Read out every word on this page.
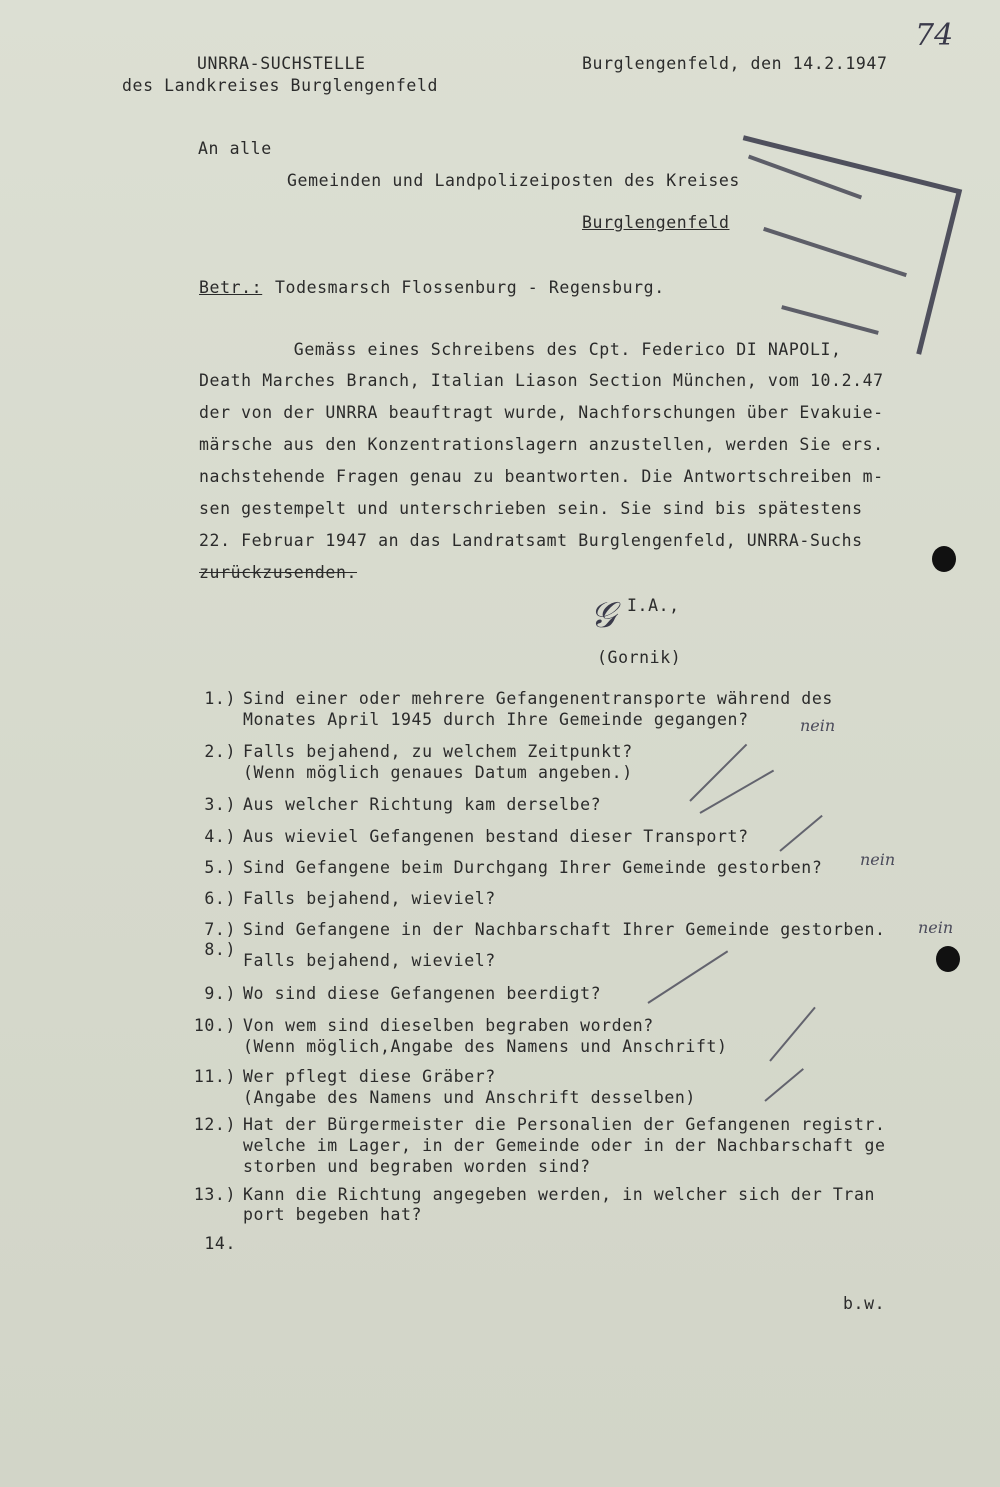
74
UNRRA-SUCHSTELLE
des Landkreises Burglengenfeld
Burglengenfeld, den 14.2.1947
An alle
Gemeinden und Landpolizeiposten des Kreises
Burglengenfeld
Betr.: Todesmarsch Flossenburg - Regensburg.
Gemäss eines Schreibens des Cpt. Federico DI NAPOLI,
Death Marches Branch, Italian Liason Section München, vom 10.2.47
der von der UNRRA beauftragt wurde, Nachforschungen über Evakuie-
märsche aus den Konzentrationslagern anzustellen, werden Sie ers.
nachstehende Fragen genau zu beantworten. Die Antwortschreiben m-
sen gestempelt und unterschrieben sein. Sie sind bis spätestens
22. Februar 1947 an das Landratsamt Burglengenfeld, UNRRA-Suchs
zurückzusenden.
𝒢 I.A.,
(Gornik)
1.) Sind einer oder mehrere Gefangenentransporte während des
Monates April 1945 durch Ihre Gemeinde gegangen?
2.) Falls bejahend, zu welchem Zeitpunkt?
(Wenn möglich genaues Datum angeben.)
3.) Aus welcher Richtung kam derselbe?
4.) Aus wieviel Gefangenen bestand dieser Transport?
5.) Sind Gefangene beim Durchgang Ihrer Gemeinde gestorben?
6.) Falls bejahend, wieviel?
7.) Sind Gefangene in der Nachbarschaft Ihrer Gemeinde gestorben.
8.)
Falls bejahend, wieviel?
9.) Wo sind diese Gefangenen beerdigt?
10.) Von wem sind dieselben begraben worden?
(Wenn möglich,Angabe des Namens und Anschrift)
11.) Wer pflegt diese Gräber?
(Angabe des Namens und Anschrift desselben)
12.) Hat der Bürgermeister die Personalien der Gefangenen registr.
welche im Lager, in der Gemeinde oder in der Nachbarschaft ge
storben und begraben worden sind?
13.) Kann die Richtung angegeben werden, in welcher sich der Tran
port begeben hat?
14.
nein
nein
nein
b.w.
